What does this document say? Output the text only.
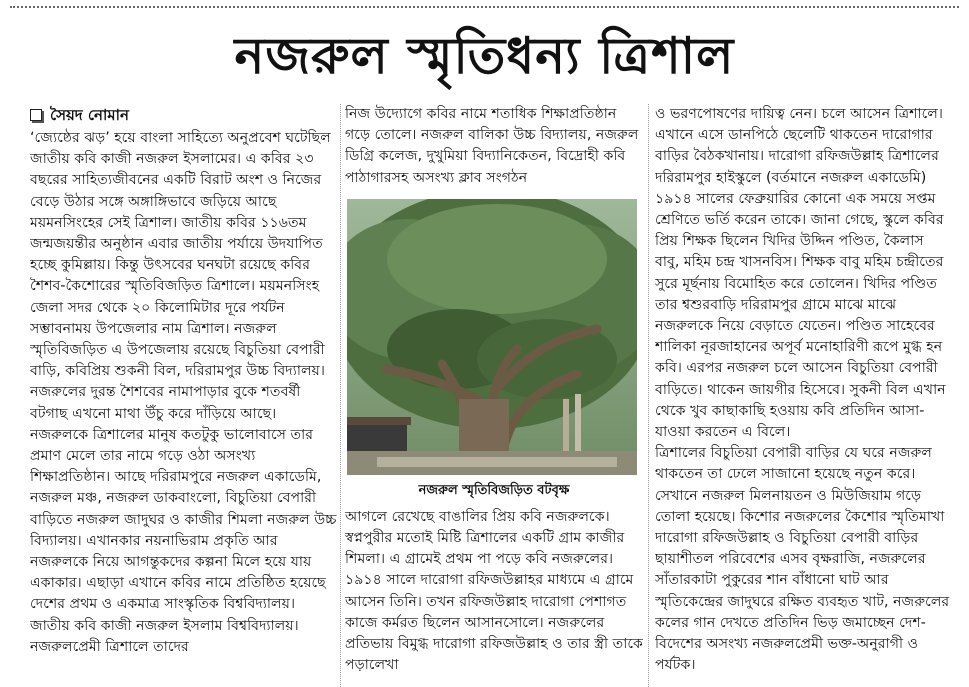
নজরুল স্মৃতিধন্য ত্রিশাল
সৈয়দ নোমান

‘জ্যেষ্ঠের ঝড়’ হয়ে বাংলা সাহিত্যে অনুপ্রবেশ ঘটেছিল জাতীয় কবি কাজী নজরুল ইসলামের। এ কবির ২৩ বছরের সাহিত্যজীবনের একটি বিরাট অংশ ও নিজের বেড়ে উঠার সঙ্গে অঙ্গাঙ্গিভাবে জড়িয়ে আছে ময়মনসিংহের সেই ত্রিশাল। জাতীয় কবির ১১৬তম জন্মজয়ন্তীর অনুষ্ঠান এবার জাতীয় পর্যায়ে উদযাপিত হচ্ছে কুমিল্লায়। কিন্তু উৎসবের ঘনঘটা রয়েছে কবির শৈশব-কৈশোরের স্মৃতিবিজড়িত ত্রিশালে। ময়মনসিংহ জেলা সদর থেকে ২০ কিলোমিটার দূরে পর্যটন সম্ভাবনাময় উপজেলার নাম ত্রিশাল। নজরুল স্মৃতিবিজড়িত এ উপজেলায় রয়েছে বিচুতিয়া বেপারী বাড়ি, কবিপ্রিয় শুকনী বিল, দরিরামপুর উচ্চ বিদ্যালয়। নজরুলের দুরন্ত শৈশবের নামাপাড়ার বুকে শতবর্ষী বটগাছ এখনো মাথা উঁচু করে দাঁড়িয়ে আছে। নজরুলকে ত্রিশালের মানুষ কতটুকু ভালোবাসে তার প্রমাণ মেলে তার নামে গড়ে ওঠা অসংখ্য শিক্ষাপ্রতিষ্ঠান। আছে দরিরামপুরে নজরুল একাডেমি, নজরুল মঞ্চ, নজরুল ডাকবাংলো, বিচুতিয়া বেপারী বাড়িতে নজরুল জাদুঘর ও কাজীর শিমলা নজরুল উচ্চ বিদ্যালয়। এখানকার নয়নাভিরাম প্রকৃতি আর নজরুলকে নিয়ে আগন্তুকদের কল্পনা মিলে হয়ে যায় একাকার। এছাড়া এখানে কবির নামে প্রতিষ্ঠিত হয়েছে দেশের প্রথম ও একমাত্র সাংস্কৃতিক বিশ্ববিদ্যালয়। জাতীয় কবি কাজী নজরুল ইসলাম বিশ্ববিদ্যালয়। নজরুলপ্রেমী ত্রিশালে তাদের

নিজ উদ্যোগে কবির নামে শতাধিক শিক্ষাপ্রতিষ্ঠান গড়ে তোলে। নজরুল বালিকা উচ্চ বিদ্যালয়, নজরুল ডিগ্রি কলেজ, দুখুমিয়া বিদ্যানিকেতন, বিদ্রোহী কবি পাঠাগারসহ অসংখ্য ক্লাব সংগঠন

নজরুল স্মৃতিবিজড়িত বটবৃক্ষ

আগলে রেখেছে বাঙালির প্রিয় কবি নজরুলকে। স্বপ্নপুরীর মতোই মিষ্টি ত্রিশালের একটি গ্রাম কাজীর শিমলা। এ গ্রামেই প্রথম পা পড়ে কবি নজরুলের। ১৯১৪ সালে দারোগা রফিজউল্লাহর মাধ্যমে এ গ্রামে আসেন তিনি। তখন রফিজউল্লাহ দারোগা পেশাগত কাজে কর্মরত ছিলেন আসানসোলে। নজরুলের প্রতিভায় বিমুগ্ধ দারোগা রফিজউল্লাহ ও তার স্ত্রী তাকে পড়ালেখা

ও ভরণপোষণের দায়িত্ব নেন। চলে আসেন ত্রিশালে। এখানে এসে ডানপিঠে ছেলেটি থাকতেন দারোগার বাড়ির বৈঠকখানায়। দারোগা রফিজউল্লাহ ত্রিশালের দরিরামপুর হাইস্কুলে (বর্তমানে নজরুল একাডেমি) ১৯১৪ সালের ফেব্রুয়ারির কোনো এক সময়ে সপ্তম শ্রেণিতে ভর্তি করেন তাকে। জানা গেছে, স্কুলে কবির প্রিয় শিক্ষক ছিলেন খিদির উদ্দিন পণ্ডিত, কৈলাস বাবু, মহিম চন্দ্র খাসনবিস। শিক্ষক বাবু মহিম চন্দ্রীতের সুরে মূর্ছনায় বিমোহিত করে তোলেন। খিদির পণ্ডিত তার শ্বশুরবাড়ি দরিরামপুর গ্রামে মাঝে মাঝে নজরুলকে নিয়ে বেড়াতে যেতেন। পণ্ডিত সাহেবের শালিকা নূরজাহানের অপূর্ব মনোহারিণী রূপে মুগ্ধ হন কবি। এরপর নজরুল চলে আসেন বিচুতিয়া বেপারী বাড়িতে। থাকেন জায়গীর হিসেবে। সুকনী বিল এখান থেকে খুব কাছাকাছি হওয়ায় কবি প্রতিদিন আসা-যাওয়া করতেন এ বিলে।

ত্রিশালের বিচুতিয়া বেপারী বাড়ির যে ঘরে নজরুল থাকতেন তা ঢেলে সাজানো হয়েছে নতুন করে। সেখানে নজরুল মিলনায়তন ও মিউজিয়াম গড়ে তোলা হয়েছে। কিশোর নজরুলের কৈশোর স্মৃতিমাখা দারোগা রফিজউল্লাহ ও বিচুতিয়া বেপারী বাড়ির ছায়াশীতল পরিবেশের এসব বৃক্ষরাজি, নজরুলের সাঁতারকাটা পুকুরের শান বাঁধানো ঘাট আর স্মৃতিকেন্দ্রের জাদুঘরে রক্ষিত ব্যবহৃত খাট, নজরুলের কলের গান দেখতে প্রতিদিন ভিড় জমাচ্ছেন দেশ-বিদেশের অসংখ্য নজরুলপ্রেমী ভক্ত-অনুরাগী ও পর্যটক।
